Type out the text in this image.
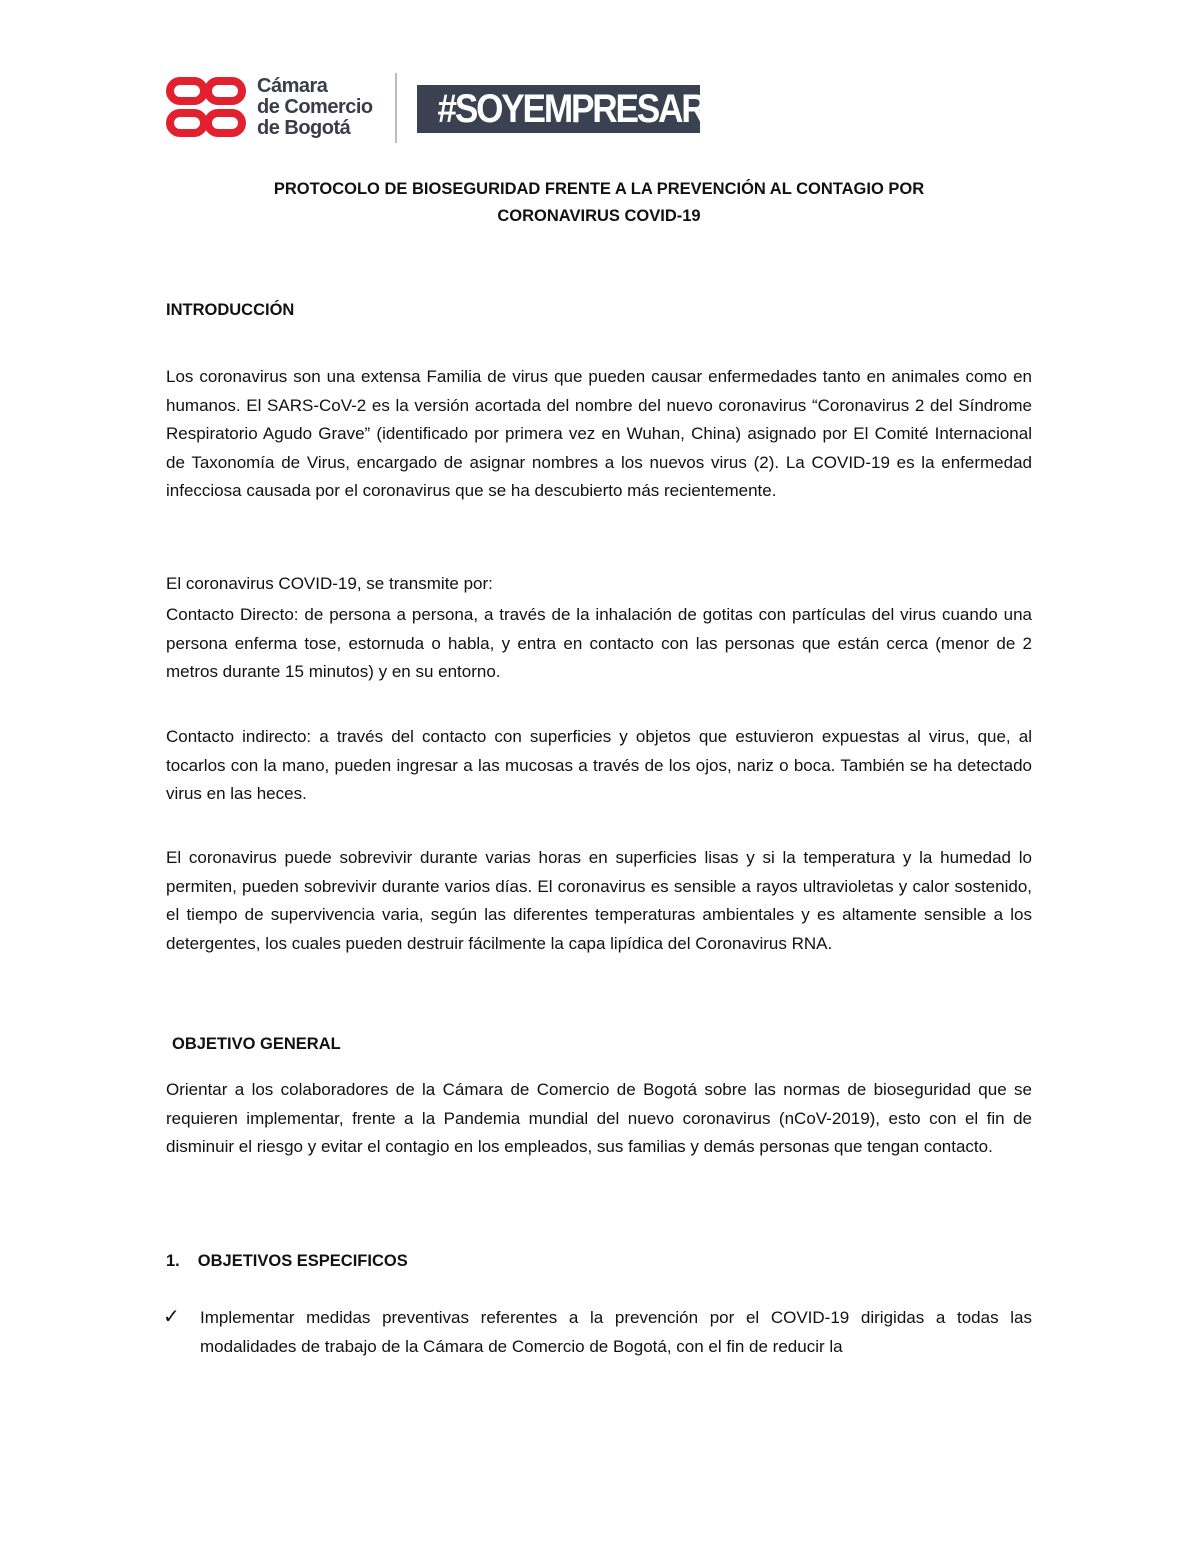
Cámara
de Comercio
de Bogotá	#SOYEMPRESARIO
PROTOCOLO DE BIOSEGURIDAD FRENTE A LA PREVENCIÓN AL CONTAGIO POR
CORONAVIRUS COVID-19
INTRODUCCIÓN
Los coronavirus son una extensa Familia de virus que pueden causar enfermedades tanto en animales como en humanos. El SARS-CoV-2 es la versión acortada del nombre del nuevo coronavirus “Coronavirus 2 del Síndrome Respiratorio Agudo Grave” (identificado por primera vez en Wuhan, China) asignado por El Comité Internacional de Taxonomía de Virus, encargado de asignar nombres a los nuevos virus (2). La COVID-19 es la enfermedad infecciosa causada por el coronavirus que se ha descubierto más recientemente.
El coronavirus COVID-19, se transmite por:
Contacto Directo: de persona a persona, a través de la inhalación de gotitas con partículas del virus cuando una persona enferma tose, estornuda o habla, y entra en contacto con las personas que están cerca (menor de 2 metros durante 15 minutos) y en su entorno.
Contacto indirecto: a través del contacto con superficies y objetos que estuvieron expuestas al virus, que, al tocarlos con la mano, pueden ingresar a las mucosas a través de los ojos, nariz o boca. También se ha detectado virus en las heces.
El coronavirus puede sobrevivir durante varias horas en superficies lisas y si la temperatura y la humedad lo permiten, pueden sobrevivir durante varios días. El coronavirus es sensible a rayos ultravioletas y calor sostenido, el tiempo de supervivencia varia, según las diferentes temperaturas ambientales y es altamente sensible a los detergentes, los cuales pueden destruir fácilmente la capa lipídica del Coronavirus RNA.
OBJETIVO GENERAL
Orientar a los colaboradores de la Cámara de Comercio de Bogotá sobre las normas de bioseguridad que se requieren implementar, frente a la Pandemia mundial del nuevo coronavirus (nCoV-2019), esto con el fin de disminuir el riesgo y evitar el contagio en los empleados, sus familias y demás personas que tengan contacto.
1. OBJETIVOS ESPECIFICOS
✓ Implementar medidas preventivas referentes a la prevención por el COVID-19 dirigidas a todas las modalidades de trabajo de la Cámara de Comercio de Bogotá, con el fin de reducir la
